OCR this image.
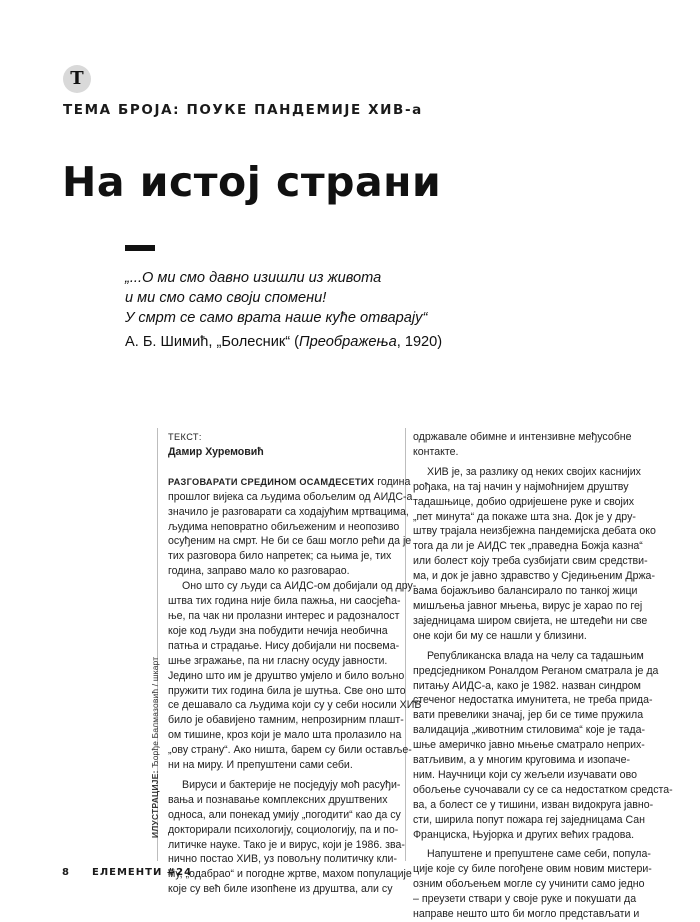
Т
ТЕМА БРОЈА: ПОУКЕ ПАНДЕМИЈЕ ХИВ-а
На истој страни
„...О ми смо давно изишли из живота
и ми смо само своји спомени!
У смрт се само врата наше куће отварају“
А. Б. Шимић, „Болесник“ (Преображења, 1920)
ИЛУСТРАЦИЈЕ: Ђорђе Балмазовић / шкарт
ТЕКСТ:
Дамир Хуремовић
РАЗГОВАРАТИ СРЕДИНОМ ОСАМДЕСЕТИХ година
прошлог вијека са људима обољелим од АИДС-а
значило је разговарати са ходајућим мртвацима,
људима неповратно обиљеженим и неопозиво
осуђеним на смрт. Не би се баш могло рећи да је
тих разговора било напретек; са њима је, тих
година, заправо мало ко разговарао.
Оно што су људи са АИДС-ом добијали од дру-
штва тих година није била пажња, ни саосјећа-
ње, па чак ни пролазни интерес и радозналост
које код људи зна побудити нечија необична
патња и страдање. Нису добијали ни посвема-
шње згражање, па ни гласну осуду јавности.
Једино што им је друштво умјело и било вољно
пружити тих година била је шутња. Све оно што
се дешавало са људима који су у себи носили ХИВ
било је обавијено тамним, непрозирним плашт-
ом тишине, кроз који је мало шта пролазило на
„ову страну“. Ако ништа, барем су били оставље-
ни на миру. И препуштени сами себи.
Вируси и бактерије не посједују моћ расуђи-
вања и познавање комплексних друштвених
односа, али понекад умију „погодити“ као да су
докторирали психологију, социологију, па и по-
литичке науке. Тако је и вирус, који је 1986. зва-
нично постао ХИВ, уз повољну политичку кли-
му, „одабрао“ и погодне жртве, махом популације
које су већ биле изопћене из друштва, али су
одржавале обимне и интензивне међусобне
контакте.
ХИВ је, за разлику од неких својих каснијих
рођака, на тај начин у најмоћнијем друштву
тадашњице, добио одријешене руке и својих
„пет минута“ да покаже шта зна. Док је у дру-
штву трајала неизбјежна пандемијска дебата око
тога да ли је АИДС тек „праведна Божја казна“
или болест коју треба сузбијати свим средстви-
ма, и док је јавно здравство у Сједињеним Држа-
вама бојажљиво балансирало по танкој жици
мишљења јавног мњења, вирус је харао по геј
заједницама широм свијета, не штедећи ни све
оне који би му се нашли у близини.
Републиканска влада на челу са тадашњим
предсједником Роналдом Реганом сматрала је да
питању АИДС-а, како је 1982. назван синдром
стеченог недостатка имунитета, не треба прида-
вати превелики значај, јер би се тиме пружила
валидација „животним стиловима“ које је тада-
шње америчко јавно мњење сматрало неприх-
ватљивим, а у многим круговима и изопаче-
ним. Научници који су жељели изучавати ово
обољење сучочавали су се са недостатком средста-
ва, а болест се у тишини, изван видокруга јавно-
сти, ширила попут пожара геј заједницама Сан
Франциска, Њујорка и других већих градова.
Напуштене и препуштене саме себи, популa-
ције које су биле погођене овим новим мистери-
озним обољењем могле су учинити само једно
– преузети ствари у своје руке и покушати да
направе нешто што би могло представљати и
8 ЕЛЕМЕНТИ #24
